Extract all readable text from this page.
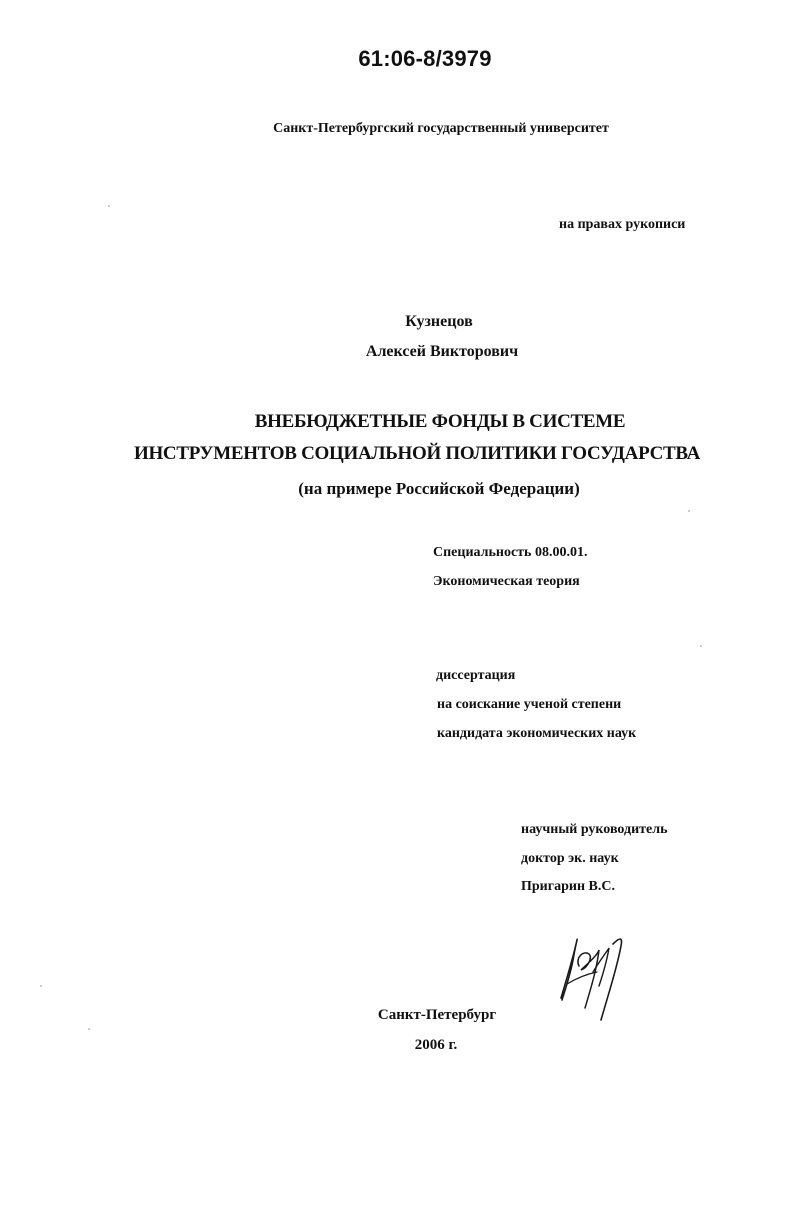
61:06-8/3979
Санкт-Петербургский государственный университет
на правах рукописи
Кузнецов
Алексей Викторович
ВНЕБЮДЖЕТНЫЕ ФОНДЫ В СИСТЕМЕ
ИНСТРУМЕНТОВ СОЦИАЛЬНОЙ ПОЛИТИКИ ГОСУДАРСТВА
(на примере Российской Федерации)
Специальность 08.00.01.
Экономическая теория
диссертация
на соискание ученой степени
кандидата экономических наук
научный руководитель
доктор эк. наук
Пригарин В.С.
Санкт-Петербург
2006 г.
